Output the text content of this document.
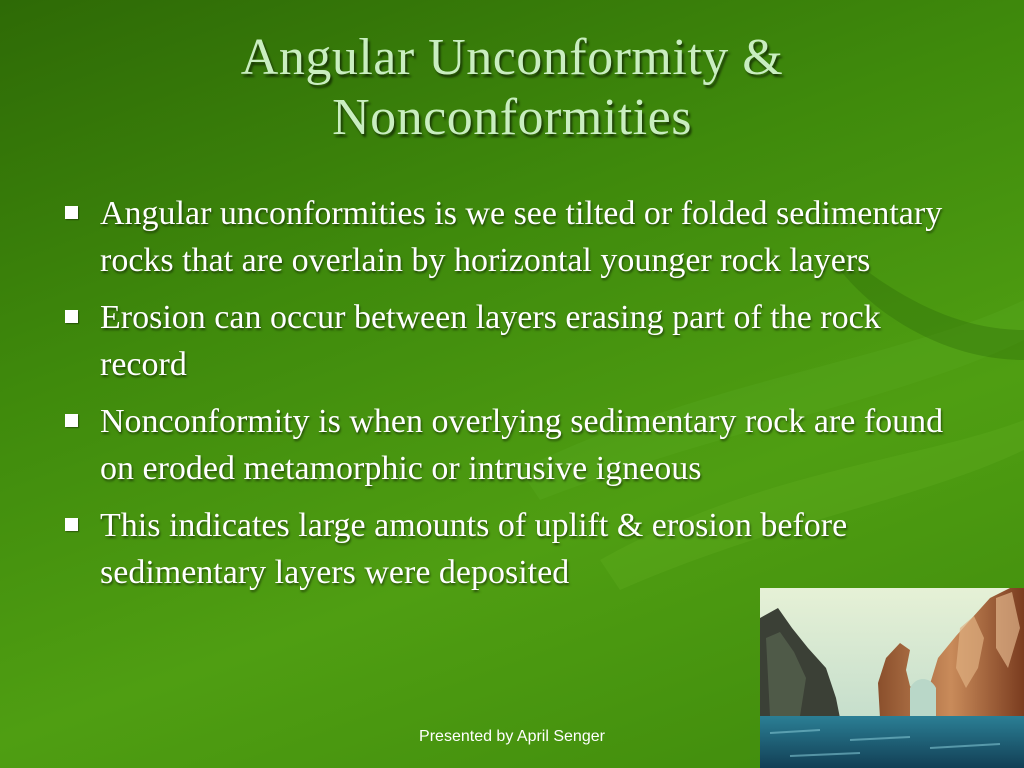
Angular Unconformity &
Nonconformities
Angular unconformities is we see tilted or folded sedimentary rocks that are overlain by horizontal younger rock layers
Erosion can occur between layers erasing part of the rock record
Nonconformity is when overlying sedimentary rock are found on eroded metamorphic or intrusive igneous
This indicates large amounts of uplift & erosion before sedimentary layers were deposited
Presented by April Senger
